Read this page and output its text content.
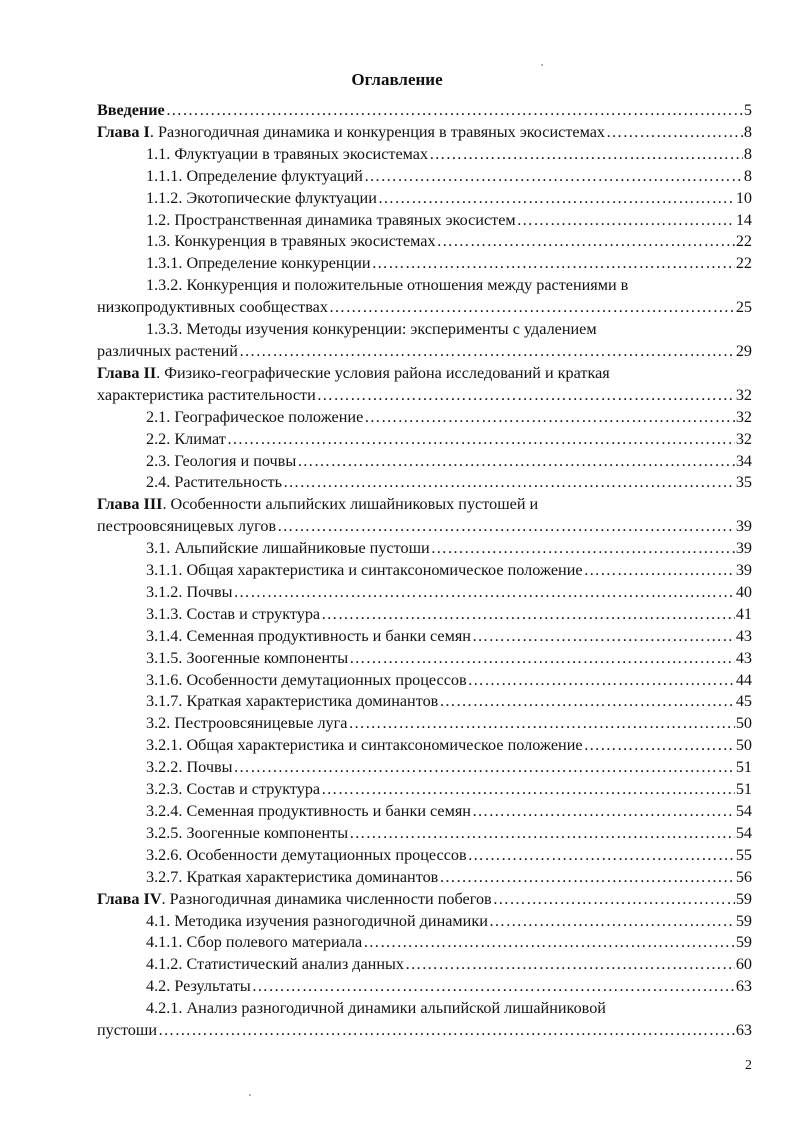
Оглавление
Введение ……………………………………………………………………………………………………………………………………………………………………………	5
Глава I. Разногодичная динамика и конкуренция в травяных экосистемах ……………………………………………………………………………………………………………………………………………………………………………	8
1.1. Флуктуации в травяных экосистемах ……………………………………………………………………………………………………………………………………………………………………………	8
1.1.1. Определение флуктуаций ……………………………………………………………………………………………………………………………………………………………………………	8
1.1.2. Экотопические флуктуации ……………………………………………………………………………………………………………………………………………………………………………	10
1.2. Пространственная динамика травяных экосистем ……………………………………………………………………………………………………………………………………………………………………………	14
1.3. Конкуренция в травяных экосистемах ……………………………………………………………………………………………………………………………………………………………………………	22
1.3.1. Определение конкуренции ……………………………………………………………………………………………………………………………………………………………………………	22
1.3.2. Конкуренция и положительные отношения между растениями в
низкопродуктивных сообществах ……………………………………………………………………………………………………………………………………………………………………………	25
1.3.3. Методы изучения конкуренции: эксперименты с удалением
различных растений ……………………………………………………………………………………………………………………………………………………………………………	29
Глава II. Физико-географические условия района исследований и краткая
характеристика растительности ……………………………………………………………………………………………………………………………………………………………………………	32
2.1. Географическое положение ……………………………………………………………………………………………………………………………………………………………………………	32
2.2. Климат ……………………………………………………………………………………………………………………………………………………………………………	32
2.3. Геология и почвы ……………………………………………………………………………………………………………………………………………………………………………	34
2.4. Растительность ……………………………………………………………………………………………………………………………………………………………………………	35
Глава III. Особенности альпийских лишайниковых пустошей и
пестроовсяницевых лугов ……………………………………………………………………………………………………………………………………………………………………………	39
3.1. Альпийские лишайниковые пустоши ……………………………………………………………………………………………………………………………………………………………………………	39
3.1.1. Общая характеристика и синтаксономическое положение ……………………………………………………………………………………………………………………………………………………………………………	39
3.1.2. Почвы ……………………………………………………………………………………………………………………………………………………………………………	40
3.1.3. Состав и структура ……………………………………………………………………………………………………………………………………………………………………………	41
3.1.4. Семенная продуктивность и банки семян ……………………………………………………………………………………………………………………………………………………………………………	43
3.1.5. Зоогенные компоненты ……………………………………………………………………………………………………………………………………………………………………………	43
3.1.6. Особенности демутационных процессов ……………………………………………………………………………………………………………………………………………………………………………	44
3.1.7. Краткая характеристика доминантов ……………………………………………………………………………………………………………………………………………………………………………	45
3.2. Пестроовсяницевые луга ……………………………………………………………………………………………………………………………………………………………………………	50
3.2.1. Общая характеристика и синтаксономическое положение ……………………………………………………………………………………………………………………………………………………………………………	50
3.2.2. Почвы ……………………………………………………………………………………………………………………………………………………………………………	51
3.2.3. Состав и структура ……………………………………………………………………………………………………………………………………………………………………………	51
3.2.4. Семенная продуктивность и банки семян ……………………………………………………………………………………………………………………………………………………………………………	54
3.2.5. Зоогенные компоненты ……………………………………………………………………………………………………………………………………………………………………………	54
3.2.6. Особенности демутационных процессов ……………………………………………………………………………………………………………………………………………………………………………	55
3.2.7. Краткая характеристика доминантов ……………………………………………………………………………………………………………………………………………………………………………	56
Глава IV. Разногодичная динамика численности побегов ……………………………………………………………………………………………………………………………………………………………………………	59
4.1. Методика изучения разногодичной динамики ……………………………………………………………………………………………………………………………………………………………………………	59
4.1.1. Сбор полевого материала ……………………………………………………………………………………………………………………………………………………………………………	59
4.1.2. Статистический анализ данных ……………………………………………………………………………………………………………………………………………………………………………	60
4.2. Результаты ……………………………………………………………………………………………………………………………………………………………………………	63
4.2.1. Анализ разногодичной динамики альпийской лишайниковой
пустоши ……………………………………………………………………………………………………………………………………………………………………………	63
2
